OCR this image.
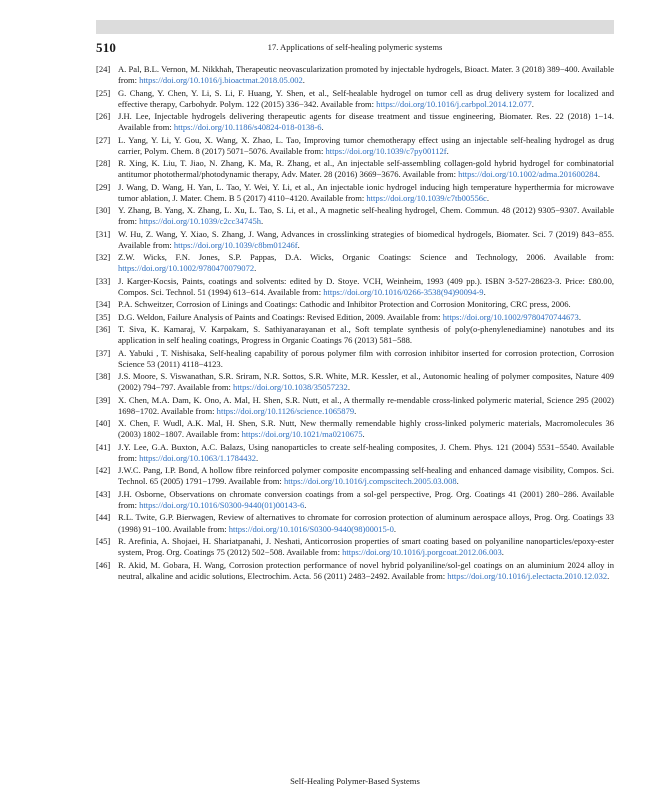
510	17. Applications of self-healing polymeric systems
[24] A. Pal, B.L. Vernon, M. Nikkhah, Therapeutic neovascularization promoted by injectable hydrogels, Bioact. Mater. 3 (2018) 389−400. Available from: https://doi.org/10.1016/j.bioactmat.2018.05.002.
[25] G. Chang, Y. Chen, Y. Li, S. Li, F. Huang, Y. Shen, et al., Self-healable hydrogel on tumor cell as drug delivery system for localized and effective therapy, Carbohydr. Polym. 122 (2015) 336−342. Available from: https://doi.org/10.1016/j.carbpol.2014.12.077.
[26] J.H. Lee, Injectable hydrogels delivering therapeutic agents for disease treatment and tissue engineering, Biomater. Res. 22 (2018) 1−14. Available from: https://doi.org/10.1186/s40824-018-0138-6.
[27] L. Yang, Y. Li, Y. Gou, X. Wang, X. Zhao, L. Tao, Improving tumor chemotherapy effect using an injectable self-healing hydrogel as drug carrier, Polym. Chem. 8 (2017) 5071−5076. Available from: https://doi.org/10.1039/c7py00112f.
[28] R. Xing, K. Liu, T. Jiao, N. Zhang, K. Ma, R. Zhang, et al., An injectable self-assembling collagen-gold hybrid hydrogel for combinatorial antitumor photothermal/photodynamic therapy, Adv. Mater. 28 (2016) 3669−3676. Available from: https://doi.org/10.1002/adma.201600284.
[29] J. Wang, D. Wang, H. Yan, L. Tao, Y. Wei, Y. Li, et al., An injectable ionic hydrogel inducing high temperature hyperthermia for microwave tumor ablation, J. Mater. Chem. B 5 (2017) 4110−4120. Available from: https://doi.org/10.1039/c7tb00556c.
[30] Y. Zhang, B. Yang, X. Zhang, L. Xu, L. Tao, S. Li, et al., A magnetic self-healing hydrogel, Chem. Commun. 48 (2012) 9305−9307. Available from: https://doi.org/10.1039/c2cc34745h.
[31] W. Hu, Z. Wang, Y. Xiao, S. Zhang, J. Wang, Advances in crosslinking strategies of biomedical hydrogels, Biomater. Sci. 7 (2019) 843−855. Available from: https://doi.org/10.1039/c8bm01246f.
[32] Z.W. Wicks, F.N. Jones, S.P. Pappas, D.A. Wicks, Organic Coatings: Science and Technology, 2006. Available from: https://doi.org/10.1002/9780470079072.
[33] J. Karger-Kocsis, Paints, coatings and solvents: edited by D. Stoye. VCH, Weinheim, 1993 (409 pp.). ISBN 3-527-28623-3. Price: £80.00, Compos. Sci. Technol. 51 (1994) 613−614. Available from: https://doi.org/10.1016/0266-3538(94)90094-9.
[34] P.A. Schweitzer, Corrosion of Linings and Coatings: Cathodic and Inhibitor Protection and Corrosion Monitoring, CRC press, 2006.
[35] D.G. Weldon, Failure Analysis of Paints and Coatings: Revised Edition, 2009. Available from: https://doi.org/10.1002/9780470744673.
[36] T. Siva, K. Kamaraj, V. Karpakam, S. Sathiyanarayanan et al., Soft template synthesis of poly(o-phenylenediamine) nanotubes and its application in self healing coatings, Progress in Organic Coatings 76 (2013) 581−588.
[37] A. Yabuki , T. Nishisaka, Self-healing capability of porous polymer film with corrosion inhibitor inserted for corrosion protection, Corrosion Science 53 (2011) 4118−4123.
[38] J.S. Moore, S. Viswanathan, S.R. Sriram, N.R. Sottos, S.R. White, M.R. Kessler, et al., Autonomic healing of polymer composites, Nature 409 (2002) 794−797. Available from: https://doi.org/10.1038/35057232.
[39] X. Chen, M.A. Dam, K. Ono, A. Mal, H. Shen, S.R. Nutt, et al., A thermally re-mendable cross-linked polymeric material, Science 295 (2002) 1698−1702. Available from: https://doi.org/10.1126/science.1065879.
[40] X. Chen, F. Wudl, A.K. Mal, H. Shen, S.R. Nutt, New thermally remendable highly cross-linked polymeric materials, Macromolecules 36 (2003) 1802−1807. Available from: https://doi.org/10.1021/ma0210675.
[41] J.Y. Lee, G.A. Buxton, A.C. Balazs, Using nanoparticles to create self-healing composites, J. Chem. Phys. 121 (2004) 5531−5540. Available from: https://doi.org/10.1063/1.1784432.
[42] J.W.C. Pang, I.P. Bond, A hollow fibre reinforced polymer composite encompassing self-healing and enhanced damage visibility, Compos. Sci. Technol. 65 (2005) 1791−1799. Available from: https://doi.org/10.1016/j.compscitech.2005.03.008.
[43] J.H. Osborne, Observations on chromate conversion coatings from a sol-gel perspective, Prog. Org. Coatings 41 (2001) 280−286. Available from: https://doi.org/10.1016/S0300-9440(01)00143-6.
[44] R.L. Twite, G.P. Bierwagen, Review of alternatives to chromate for corrosion protection of aluminum aerospace alloys, Prog. Org. Coatings 33 (1998) 91−100. Available from: https://doi.org/10.1016/S0300-9440(98)00015-0.
[45] R. Arefinia, A. Shojaei, H. Shariatpanahi, J. Neshati, Anticorrosion properties of smart coating based on polyaniline nanoparticles/epoxy-ester system, Prog. Org. Coatings 75 (2012) 502−508. Available from: https://doi.org/10.1016/j.porgcoat.2012.06.003.
[46] R. Akid, M. Gobara, H. Wang, Corrosion protection performance of novel hybrid polyaniline/sol-gel coatings on an aluminium 2024 alloy in neutral, alkaline and acidic solutions, Electrochim. Acta. 56 (2011) 2483−2492. Available from: https://doi.org/10.1016/j.electacta.2010.12.032.
Self-Healing Polymer-Based Systems
